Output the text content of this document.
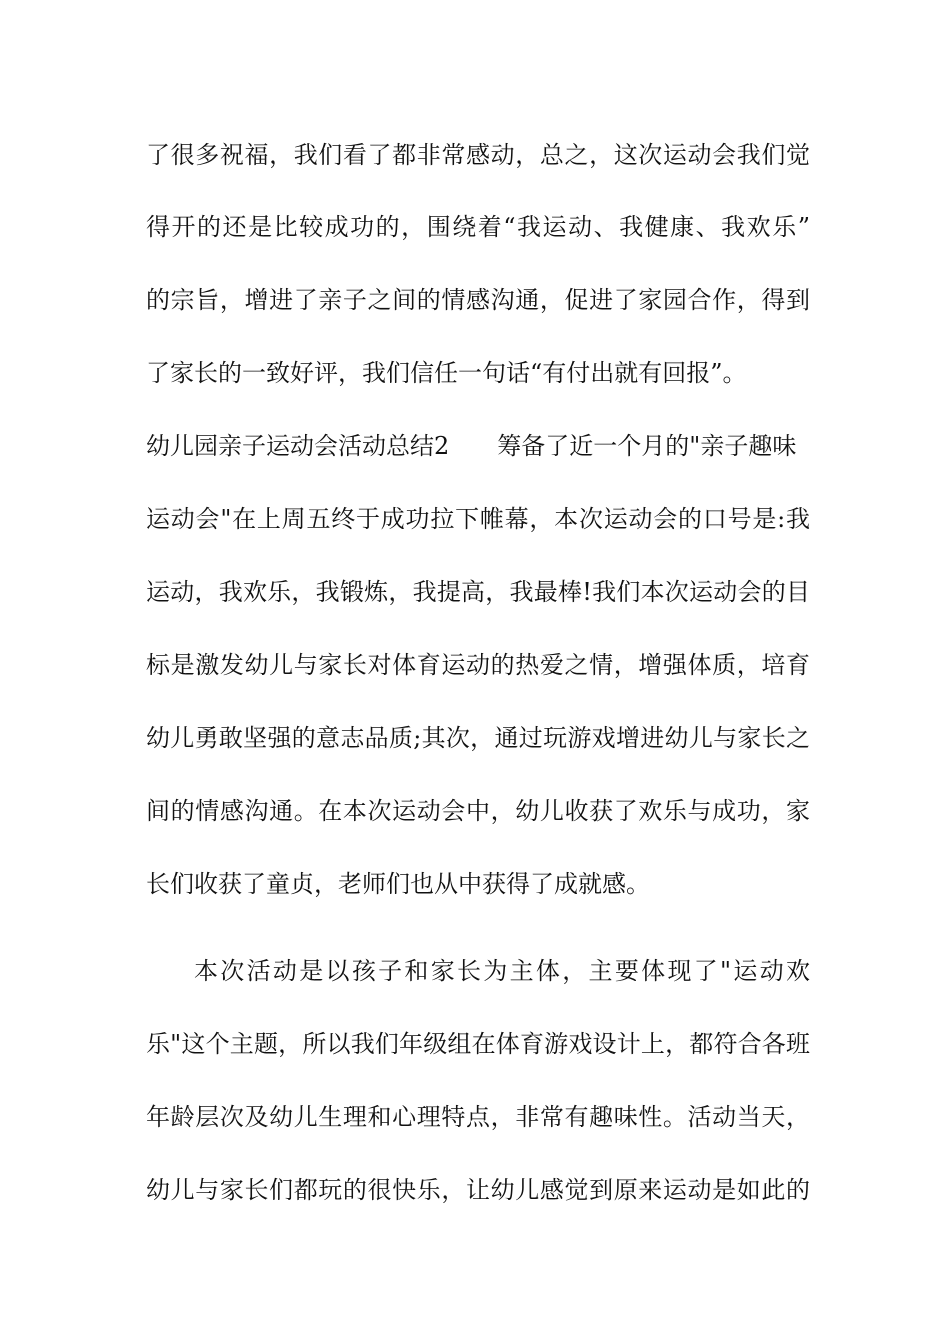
了很多祝福，我们看了都非常感动，总之，这次运动会我们觉
得开的还是比较成功的，围绕着“我运动、我健康、我欢乐”
的宗旨，增进了亲子之间的情感沟通，促进了家园合作，得到
了家长的一致好评，我们信任一句话“有付出就有回报”。
幼儿园亲子运动会活动总结2 筹备了近一个月的"亲子趣味
运动会"在上周五终于成功拉下帷幕，本次运动会的口号是:我
运动，我欢乐，我锻炼，我提高，我最棒!我们本次运动会的目
标是激发幼儿与家长对体育运动的热爱之情，增强体质，培育
幼儿勇敢坚强的意志品质;其次，通过玩游戏增进幼儿与家长之
间的情感沟通。在本次运动会中，幼儿收获了欢乐与成功，家
长们收获了童贞，老师们也从中获得了成就感。
本次活动是以孩子和家长为主体，主要体现了"运动欢
乐"这个主题，所以我们年级组在体育游戏设计上，都符合各班
年龄层次及幼儿生理和心理特点，非常有趣味性。活动当天，
幼儿与家长们都玩的很快乐，让幼儿感觉到原来运动是如此的
